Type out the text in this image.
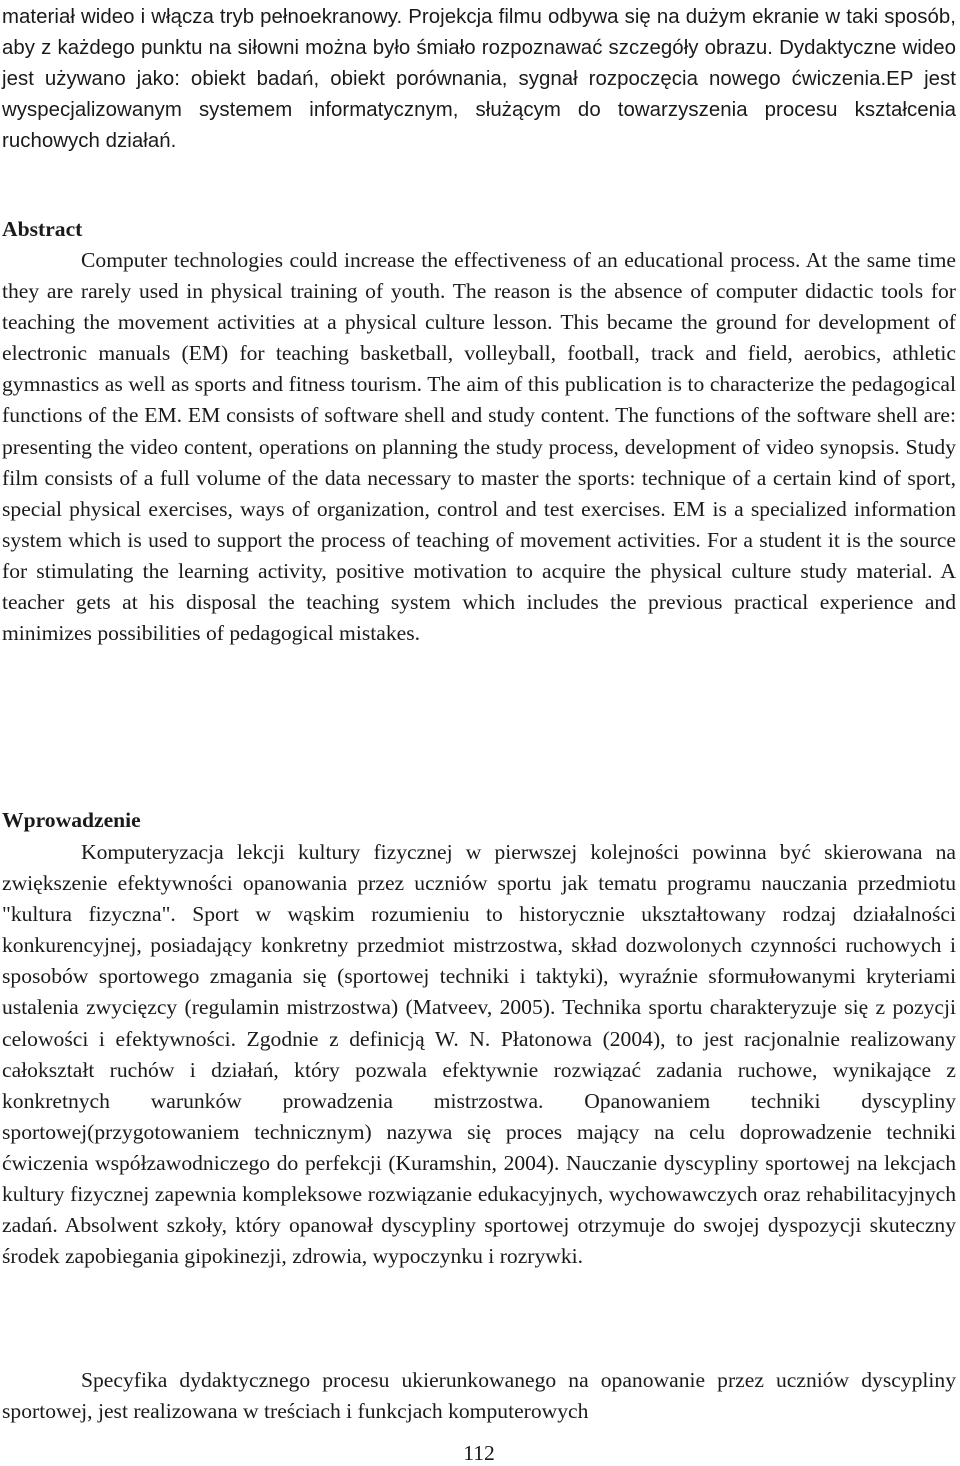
materiał wideo i włącza tryb pełnoekranowy. Projekcja filmu odbywa się na dużym ekranie w taki sposób, aby z każdego punktu na siłowni można było śmiało rozpoznawać szczegóły obrazu. Dydaktyczne wideo jest używano jako: obiekt badań, obiekt porównania, sygnał rozpoczęcia nowego ćwiczenia.EP jest wyspecjalizowanym systemem informatycznym, służącym do towarzyszenia procesu kształcenia ruchowych działań.

Abstract

Computer technologies could increase the effectiveness of an educational process. At the same time they are rarely used in physical training of youth. The reason is the absence of computer didactic tools for teaching the movement activities at a physical culture lesson. This became the ground for development of electronic manuals (EM) for teaching basketball, volleyball, football, track and field, aerobics, athletic gymnastics as well as sports and fitness tourism. The aim of this publication is to characterize the pedagogical functions of the EM. EM consists of software shell and study content. The functions of the software shell are: presenting the video content, operations on planning the study process, development of video synopsis. Study film consists of a full volume of the data necessary to master the sports: technique of a certain kind of sport, special physical exercises, ways of organization, control and test exercises. EM is a specialized information system which is used to support the process of teaching of movement activities. For a student it is the source for stimulating the learning activity, positive motivation to acquire the physical culture study material. A teacher gets at his disposal the teaching system which includes the previous practical experience and minimizes possibilities of pedagogical mistakes.

Wprowadzenie

Komputeryzacja lekcji kultury fizycznej w pierwszej kolejności powinna być skierowana na zwiększenie efektywności opanowania przez uczniów sportu jak tematu programu nauczania przedmiotu "kultura fizyczna". Sport w wąskim rozumieniu to historycznie ukształtowany rodzaj działalności konkurencyjnej, posiadający konkretny przedmiot mistrzostwa, skład dozwolonych czynności ruchowych i sposobów sportowego zmagania się (sportowej techniki i taktyki), wyraźnie sformułowanymi kryteriami ustalenia zwycięzcy (regulamin mistrzostwa) (Matveev, 2005). Technika sportu charakteryzuje się z pozycji celowości i efektywności. Zgodnie z definicją W. N. Płatonowa (2004), to jest racjonalnie realizowany całokształt ruchów i działań, który pozwala efektywnie rozwiązać zadania ruchowe, wynikające z konkretnych warunków prowadzenia mistrzostwa. Opanowaniem techniki dyscypliny sportowej(przygotowaniem technicznym) nazywa się proces mający na celu doprowadzenie techniki ćwiczenia współzawodniczego do perfekcji (Kuramshin, 2004). Nauczanie dyscypliny sportowej na lekcjach kultury fizycznej zapewnia kompleksowe rozwiązanie edukacyjnych, wychowawczych oraz rehabilitacyjnych zadań. Absolwent szkoły, który opanował dyscypliny sportowej otrzymuje do swojej dyspozycji skuteczny środek zapobiegania gipokinezji, zdrowia, wypoczynku i rozrywki.

Specyfika dydaktycznego procesu ukierunkowanego na opanowanie przez uczniów dyscypliny sportowej, jest realizowana w treściach i funkcjach komputerowych

112
